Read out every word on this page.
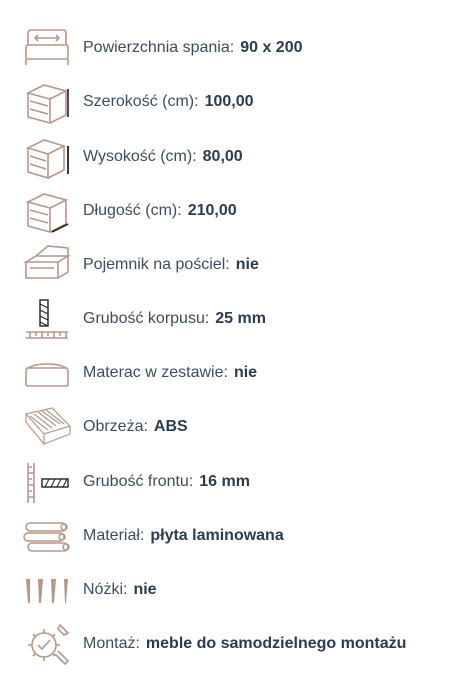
Powierzchnia spania: 90 x 200
Szerokość (cm): 100,00
Wysokość (cm): 80,00
Długość (cm): 210,00
Pojemnik na pościel: nie
Grubość korpusu: 25 mm
Materac w zestawie: nie
Obrzeża: ABS
Grubość frontu: 16 mm
Materiał: płyta laminowana
Nóżki: nie
Montaż: meble do samodzielnego montażu
